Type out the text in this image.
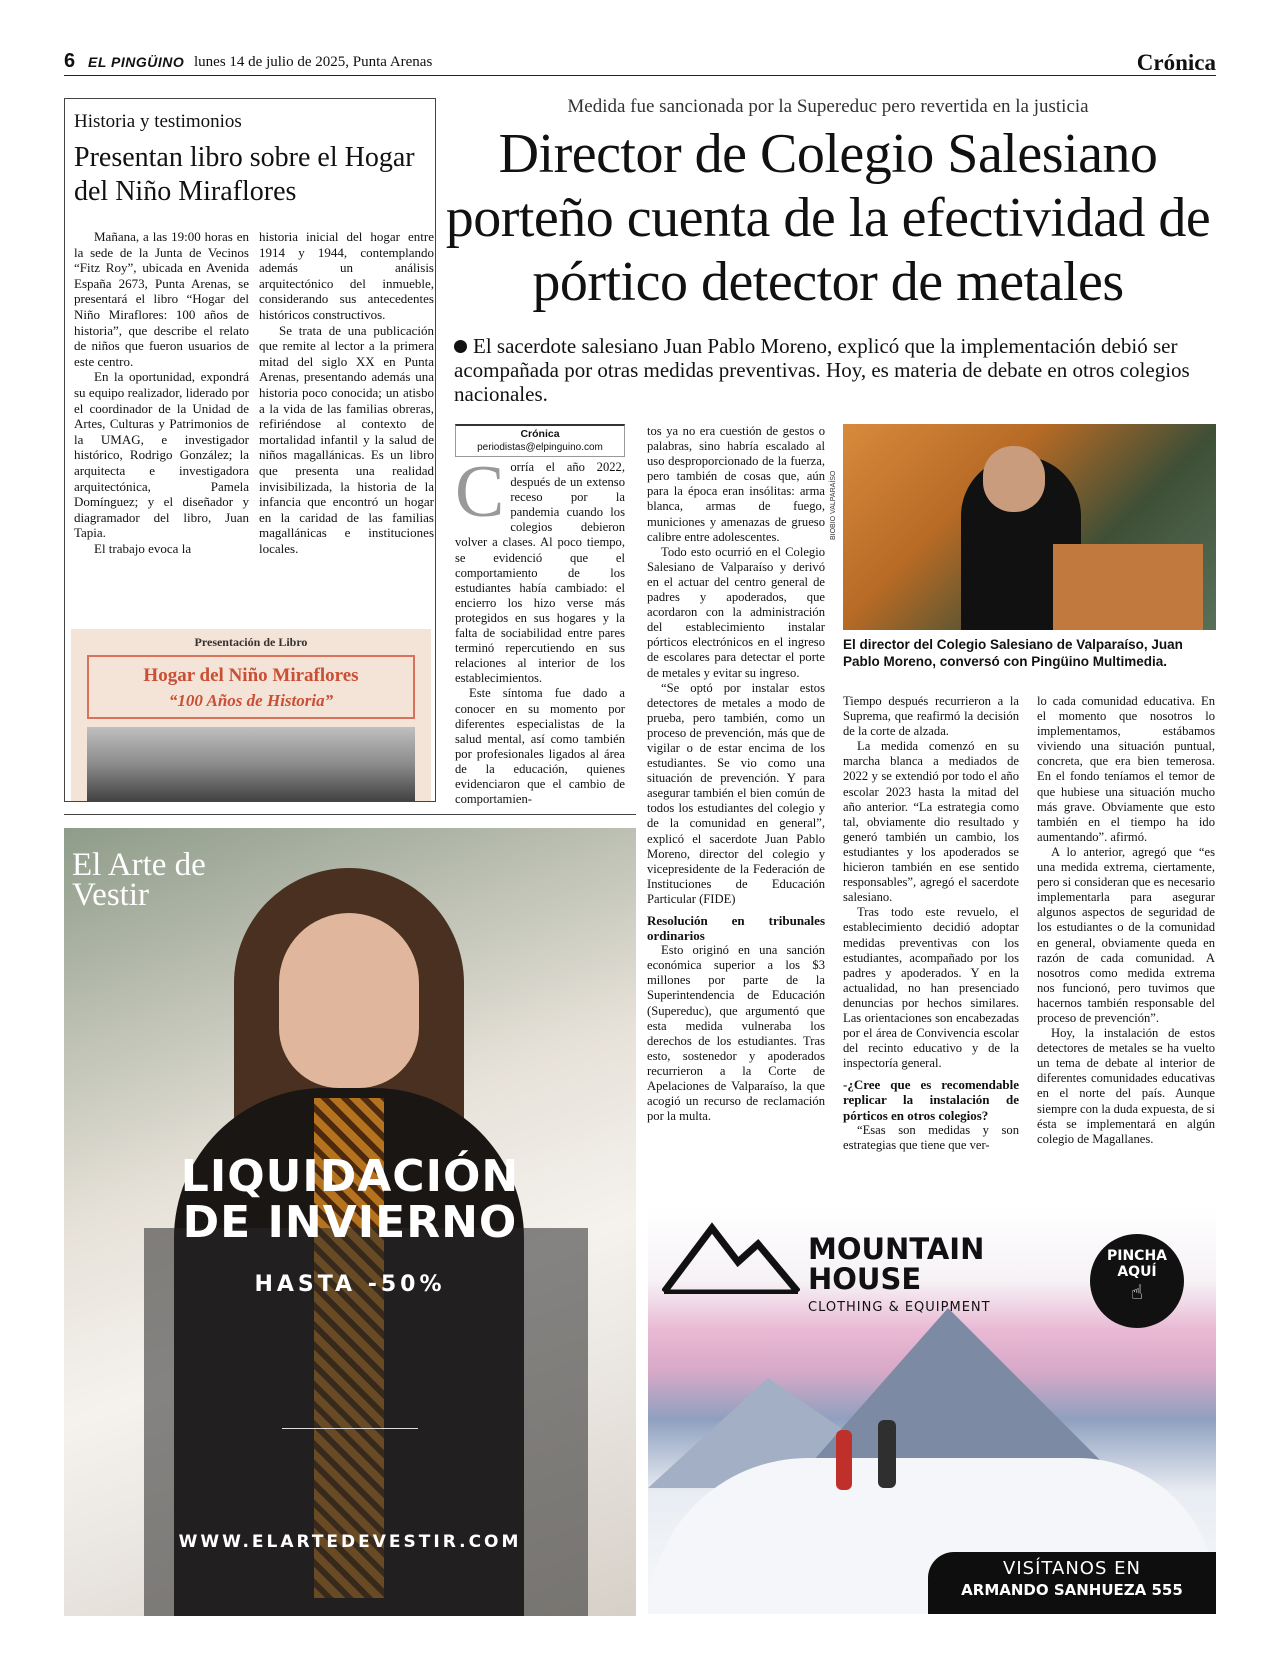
6 EL PINGÜINO lunes 14 de julio de 2025, Punta Arenas	Crónica
Historia y testimonios
Presentan libro sobre el Hogar del Niño Miraflores

Mañana, a las 19:00 horas en la sede de la Junta de Vecinos “Fitz Roy”, ubicada en Avenida España 2673, Punta Arenas, se presentará el libro “Hogar del Niño Miraflores: 100 años de historia”, que describe el relato de niños que fueron usuarios de este centro.

En la oportunidad, expondrá su equipo realizador, liderado por el coordinador de la Unidad de Artes, Culturas y Patrimonios de la UMAG, e investigador histórico, Rodrigo González; la arquitecta e investigadora arquitectónica, Pamela Domínguez; y el diseñador y diagramador del libro, Juan Tapia.

El trabajo evoca la

historia inicial del hogar entre 1914 y 1944, contemplando además un análisis arquitectónico del inmueble, considerando sus antecedentes históricos constructivos.

Se trata de una publicación que remite al lector a la primera mitad del siglo XX en Punta Arenas, presentando además una historia poco conocida; un atisbo a la vida de las familias obreras, refiriéndose al contexto de mortalidad infantil y la salud de niños magallánicas. Es un libro que presenta una realidad invisibilizada, la historia de la infancia que encontró un hogar en la caridad de las familias magallánicas e instituciones locales.

Presentación de Libro
Hogar del Niño Miraflores
“100 Años de Historia”
Medida fue sancionada por la Supereduc pero revertida en la justicia
Director de Colegio Salesiano porteño cuenta de la efectividad de pórtico detector de metales
El sacerdote salesiano Juan Pablo Moreno, explicó que la implementación debió ser acompañada por otras medidas preventivas. Hoy, es materia de debate en otros colegios nacionales.
Crónica
periodistas@elpinguino.com

Corría el año 2022, después de un extenso receso por la pandemia cuando los colegios debieron volver a clases. Al poco tiempo, se evidenció que el comportamiento de los estudiantes había cambiado: el encierro los hizo verse más protegidos en sus hogares y la falta de sociabilidad entre pares terminó repercutiendo en sus relaciones al interior de los establecimientos.

Este síntoma fue dado a conocer en su momento por diferentes especialistas de la salud mental, así como también por profesionales ligados al área de la educación, quienes evidenciaron que el cambio de comportamien-

tos ya no era cuestión de gestos o palabras, sino habría escalado al uso desproporcionado de la fuerza, pero también de cosas que, aún para la época eran insólitas: arma blanca, armas de fuego, municiones y amenazas de grueso calibre entre adolescentes.

Todo esto ocurrió en el Colegio Salesiano de Valparaíso y derivó en el actuar del centro general de padres y apoderados, que acordaron con la administración del establecimiento instalar pórticos electrónicos en el ingreso de escolares para detectar el porte de metales y evitar su ingreso.

“Se optó por instalar estos detectores de metales a modo de prueba, pero también, como un proceso de prevención, más que de vigilar o de estar encima de los estudiantes. Se vio como una situación de prevención. Y para asegurar también el bien común de todos los estudiantes del colegio y de la comunidad en general”, explicó el sacerdote Juan Pablo Moreno, director del colegio y vicepresidente de la Federación de Instituciones de Educación Particular (FIDE)

Resolución en tribunales ordinarios

Esto originó en una sanción económica superior a los $3 millones por parte de la Superintendencia de Educación (Supereduc), que argumentó que esta medida vulneraba los derechos de los estudiantes. Tras esto, sostenedor y apoderados recurrieron a la Corte de Apelaciones de Valparaíso, la que acogió un recurso de reclamación por la multa.

BIOBIO VALPARAÍSO
El director del Colegio Salesiano de Valparaíso, Juan Pablo Moreno, conversó con Pingüino Multimedia.

Tiempo después recurrieron a la Suprema, que reafirmó la decisión de la corte de alzada.

La medida comenzó en su marcha blanca a mediados de 2022 y se extendió por todo el año escolar 2023 hasta la mitad del año anterior. “La estrategia como tal, obviamente dio resultado y generó también un cambio, los estudiantes y los apoderados se hicieron también en ese sentido responsables”, agregó el sacerdote salesiano.

Tras todo este revuelo, el establecimiento decidió adoptar medidas preventivas con los estudiantes, acompañado por los padres y apoderados. Y en la actualidad, no han presenciado denuncias por hechos similares. Las orientaciones son encabezadas por el área de Convivencia escolar del recinto educativo y de la inspectoría general.

-¿Cree que es recomendable replicar la instalación de pórticos en otros colegios?

“Esas son medidas y son estrategias que tiene que ver-

lo cada comunidad educativa. En el momento que nosotros lo implementamos, estábamos viviendo una situación puntual, concreta, que era bien temerosa. En el fondo teníamos el temor de que hubiese una situación mucho más grave. Obviamente que esto también en el tiempo ha ido aumentando”. afirmó.

A lo anterior, agregó que “es una medida extrema, ciertamente, pero si consideran que es necesario implementarla para asegurar algunos aspectos de seguridad de los estudiantes o de la comunidad en general, obviamente queda en razón de cada comunidad. A nosotros como medida extrema nos funcionó, pero tuvimos que hacernos también responsable del proceso de prevención”.

Hoy, la instalación de estos detectores de metales se ha vuelto un tema de debate al interior de diferentes comunidades educativas en el norte del país. Aunque siempre con la duda expuesta, de si ésta se implementará en algún colegio de Magallanes.

El Arte de Vestir
LIQUIDACIÓN
DE INVIERNO
HASTA -50%
WWW.ELARTEDEVESTIR.COM
MOUNTAIN
HOUSE
CLOTHING & EQUIPMENT
PINCHA
AQUÍ
☝
VISÍTANOS EN
ARMANDO SANHUEZA 555
